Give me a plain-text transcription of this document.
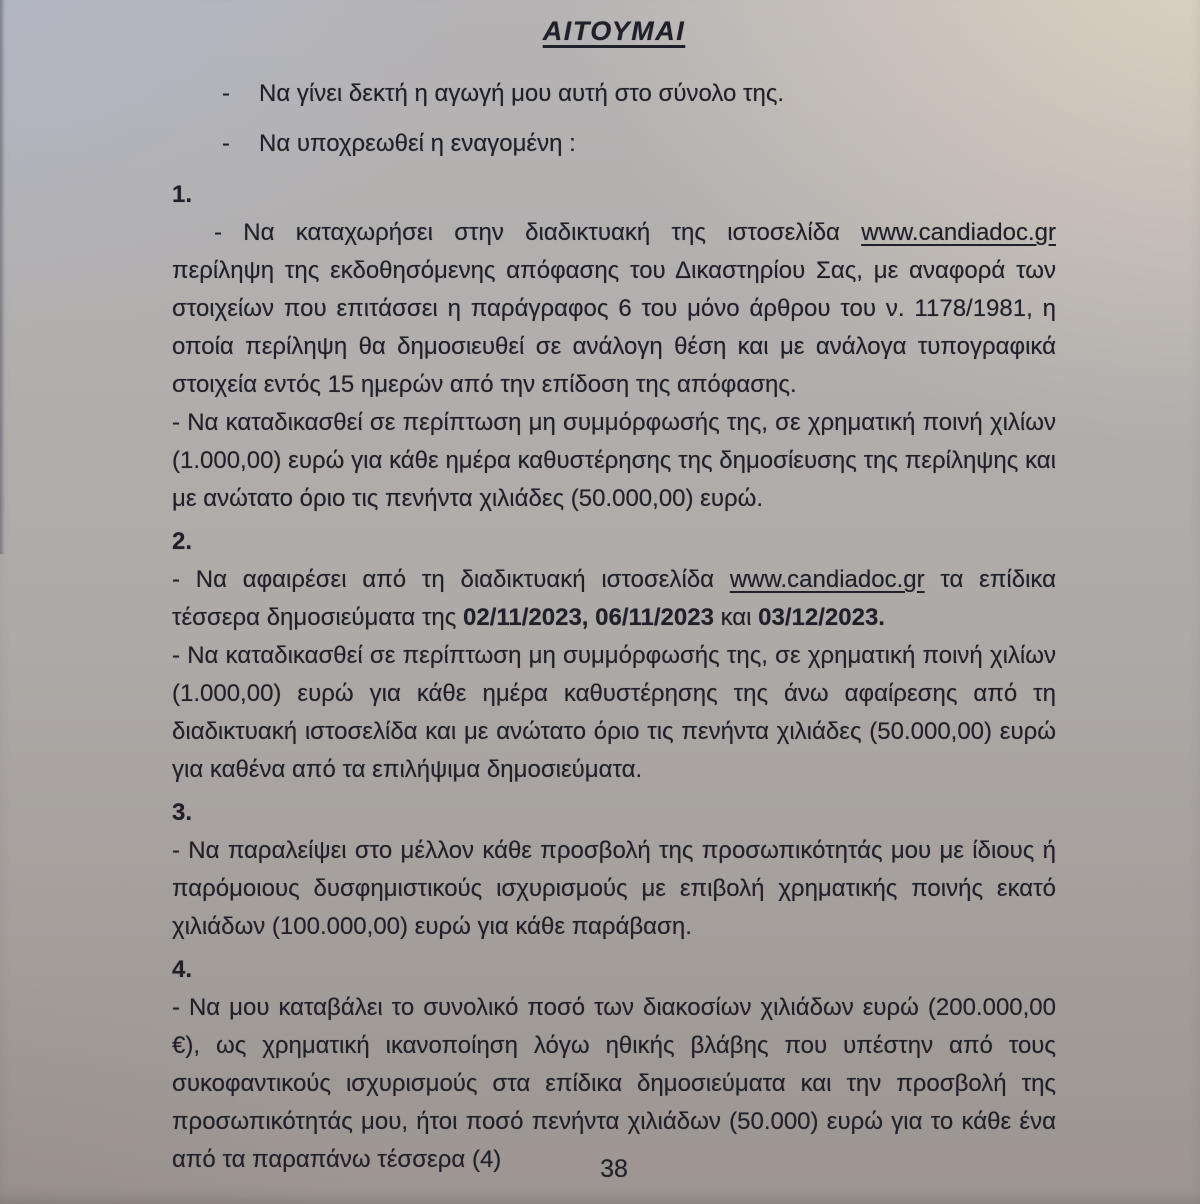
ΑΙΤΟΥΜΑΙ
-	Να γίνει δεκτή η αγωγή μου αυτή στο σύνολο της.
-	Να υποχρεωθεί η εναγομένη :
1.

- Να καταχωρήσει στην διαδικτυακή της ιστοσελίδα www.candiadoc.gr περίληψη της εκδοθησόμενης απόφασης του Δικαστηρίου Σας, με αναφορά των στοιχείων που επιτάσσει η παράγραφος 6 του μόνο άρθρου του ν. 1178/1981, η οποία περίληψη θα δημοσιευθεί σε ανάλογη θέση και με ανάλογα τυπογραφικά στοιχεία εντός 15 ημερών από την επίδοση της απόφασης.

- Να καταδικασθεί σε περίπτωση μη συμμόρφωσής της, σε χρηματική ποινή χιλίων (1.000,00) ευρώ για κάθε ημέρα καθυστέρησης της δημοσίευσης της περίληψης και με ανώτατο όριο τις πενήντα χιλιάδες (50.000,00) ευρώ.

2.

- Να αφαιρέσει από τη διαδικτυακή ιστοσελίδα www.candiadoc.gr τα επίδικα τέσσερα δημοσιεύματα της 02/11/2023, 06/11/2023 και 03/12/2023.

- Να καταδικασθεί σε περίπτωση μη συμμόρφωσής της, σε χρηματική ποινή χιλίων (1.000,00) ευρώ για κάθε ημέρα καθυστέρησης της άνω αφαίρεσης από τη διαδικτυακή ιστοσελίδα και με ανώτατο όριο τις πενήντα χιλιάδες (50.000,00) ευρώ για καθένα από τα επιλήψιμα δημοσιεύματα.

3.

- Να παραλείψει στο μέλλον κάθε προσβολή της προσωπικότητάς μου με ίδιους ή παρόμοιους δυσφημιστικούς ισχυρισμούς με επιβολή χρηματικής ποινής εκατό χιλιάδων (100.000,00) ευρώ για κάθε παράβαση.

4.

- Να μου καταβάλει το συνολικό ποσό των διακοσίων χιλιάδων ευρώ (200.000,00 €), ως χρηματική ικανοποίηση λόγω ηθικής βλάβης που υπέστην από τους συκοφαντικούς ισχυρισμούς στα επίδικα δημοσιεύματα και την προσβολή της προσωπικότητάς μου, ήτοι ποσό πενήντα χιλιάδων (50.000) ευρώ για το κάθε ένα από τα παραπάνω τέσσερα (4)	38
